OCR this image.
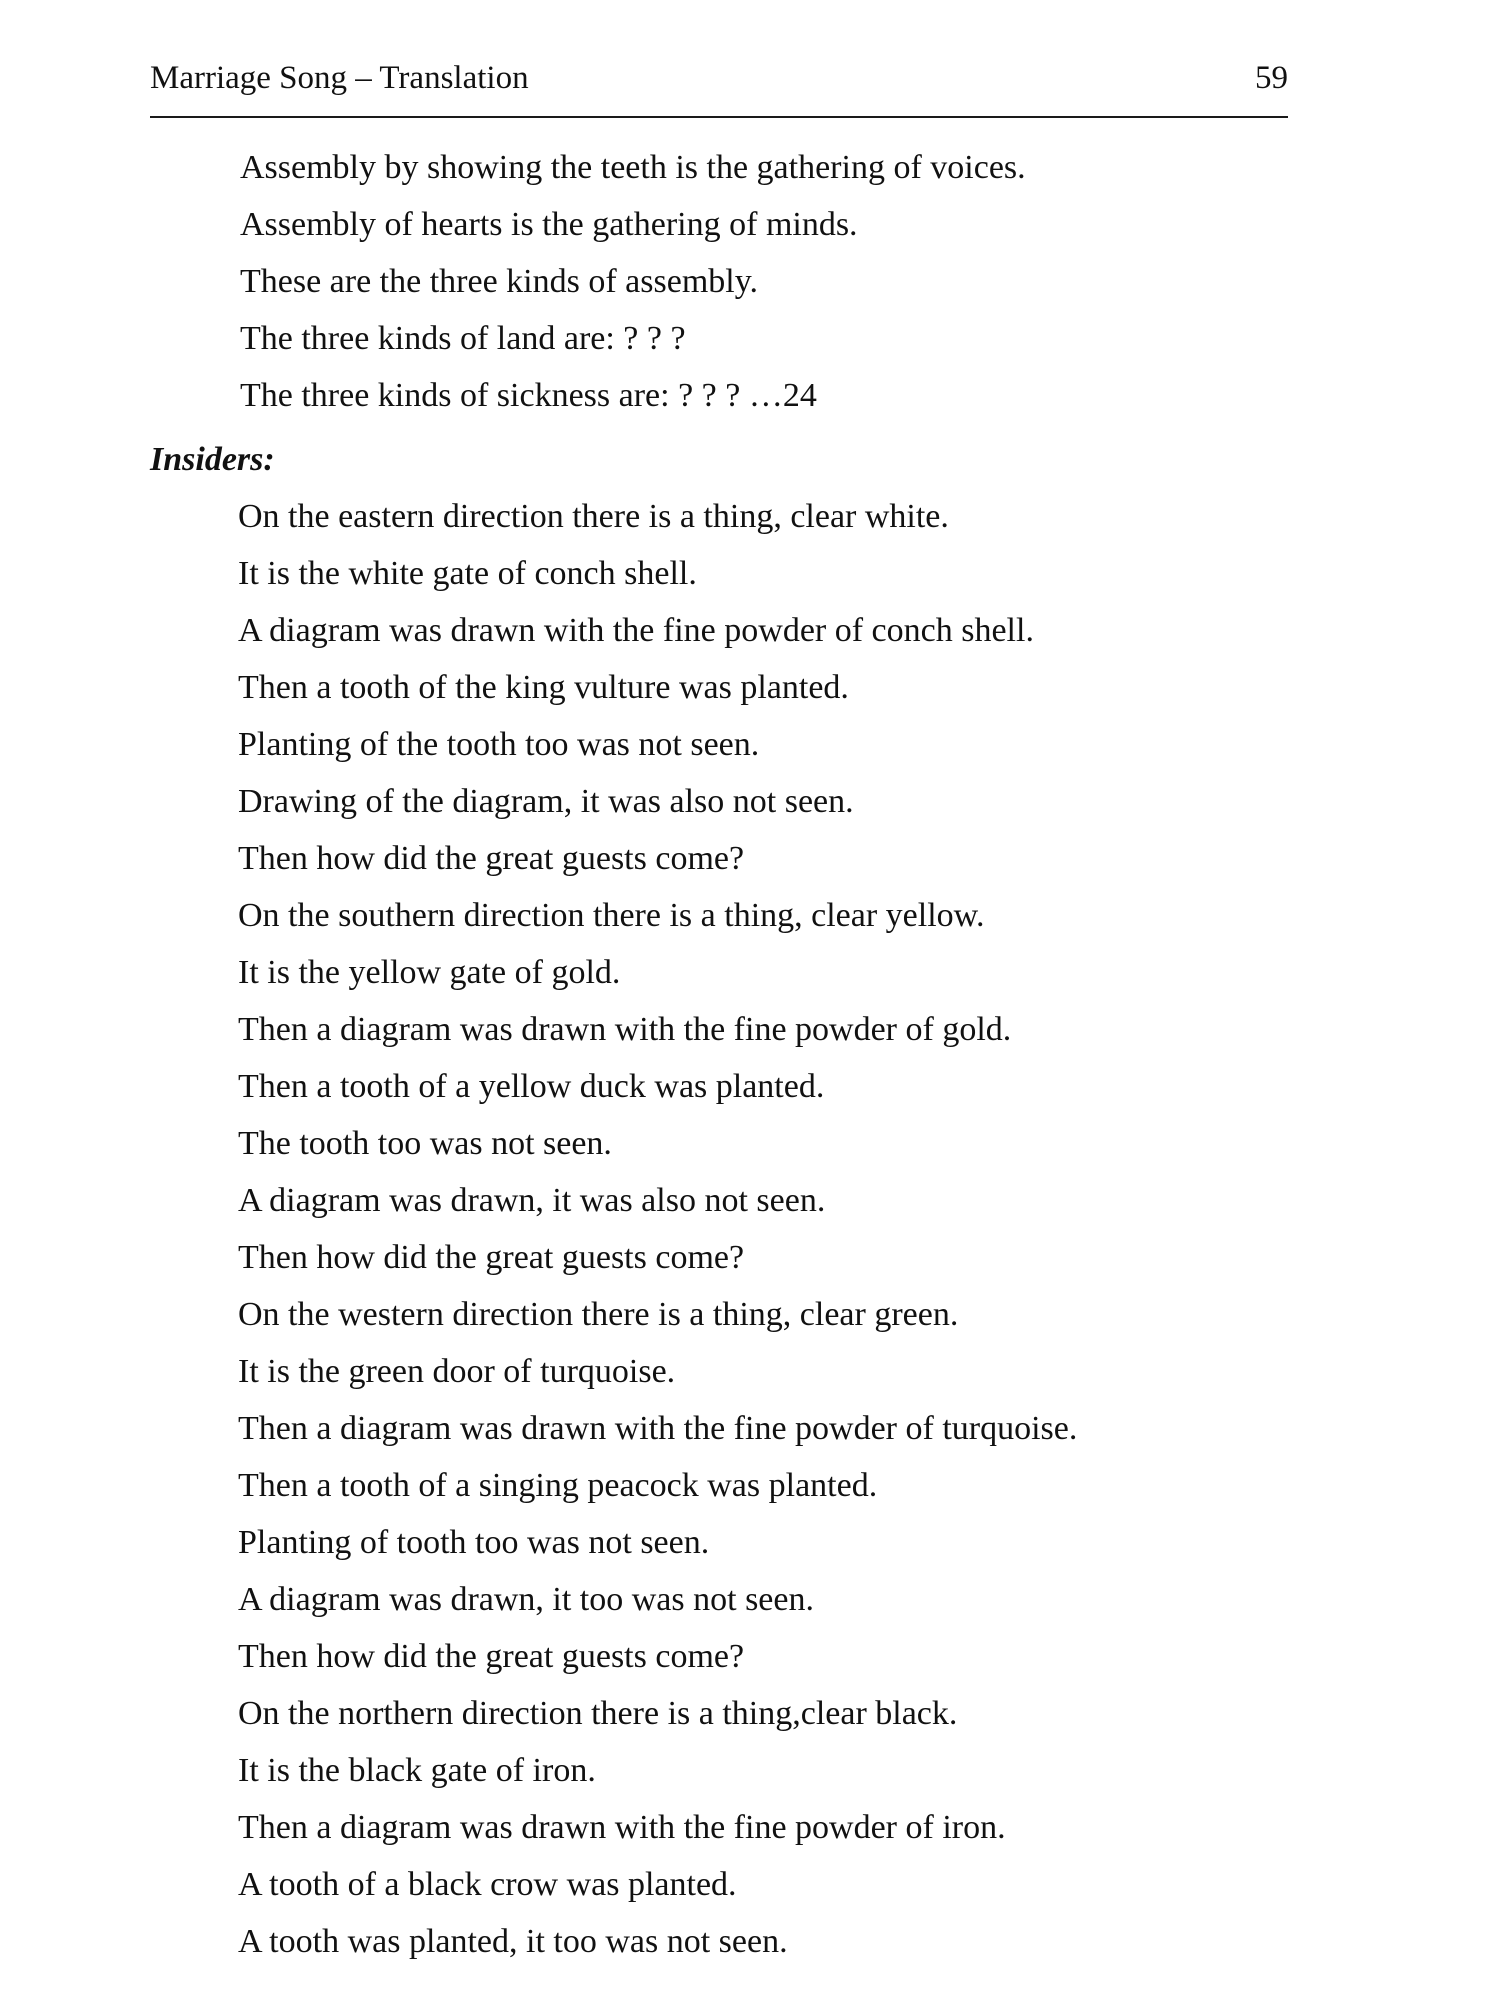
Marriage Song – Translation	59
Assembly by showing the teeth is the gathering of voices.
Assembly of hearts is the gathering of minds.
These are the three kinds of assembly.
The three kinds of land are: ? ? ?
The three kinds of sickness are: ? ? ? …24
Insiders:
On the eastern direction there is a thing, clear white.
It is the white gate of conch shell.
A diagram was drawn with the fine powder of conch shell.
Then a tooth of the king vulture was planted.
Planting of the tooth too was not seen.
Drawing of the diagram, it was also not seen.
Then how did the great guests come?
On the southern direction there is a thing, clear yellow.
It is the yellow gate of gold.
Then a diagram was drawn with the fine powder of gold.
Then a tooth of a yellow duck was planted.
The tooth too was not seen.
A diagram was drawn, it was also not seen.
Then how did the great guests come?
On the western direction there is a thing, clear green.
It is the green door of turquoise.
Then a diagram was drawn with the fine powder of turquoise.
Then a tooth of a singing peacock was planted.
Planting of tooth too was not seen.
A diagram was drawn, it too was not seen.
Then how did the great guests come?
On the northern direction there is a thing,clear black.
It is the black gate of iron.
Then a diagram was drawn with the fine powder of iron.
A tooth of a black crow was planted.
A tooth was planted, it too was not seen.
